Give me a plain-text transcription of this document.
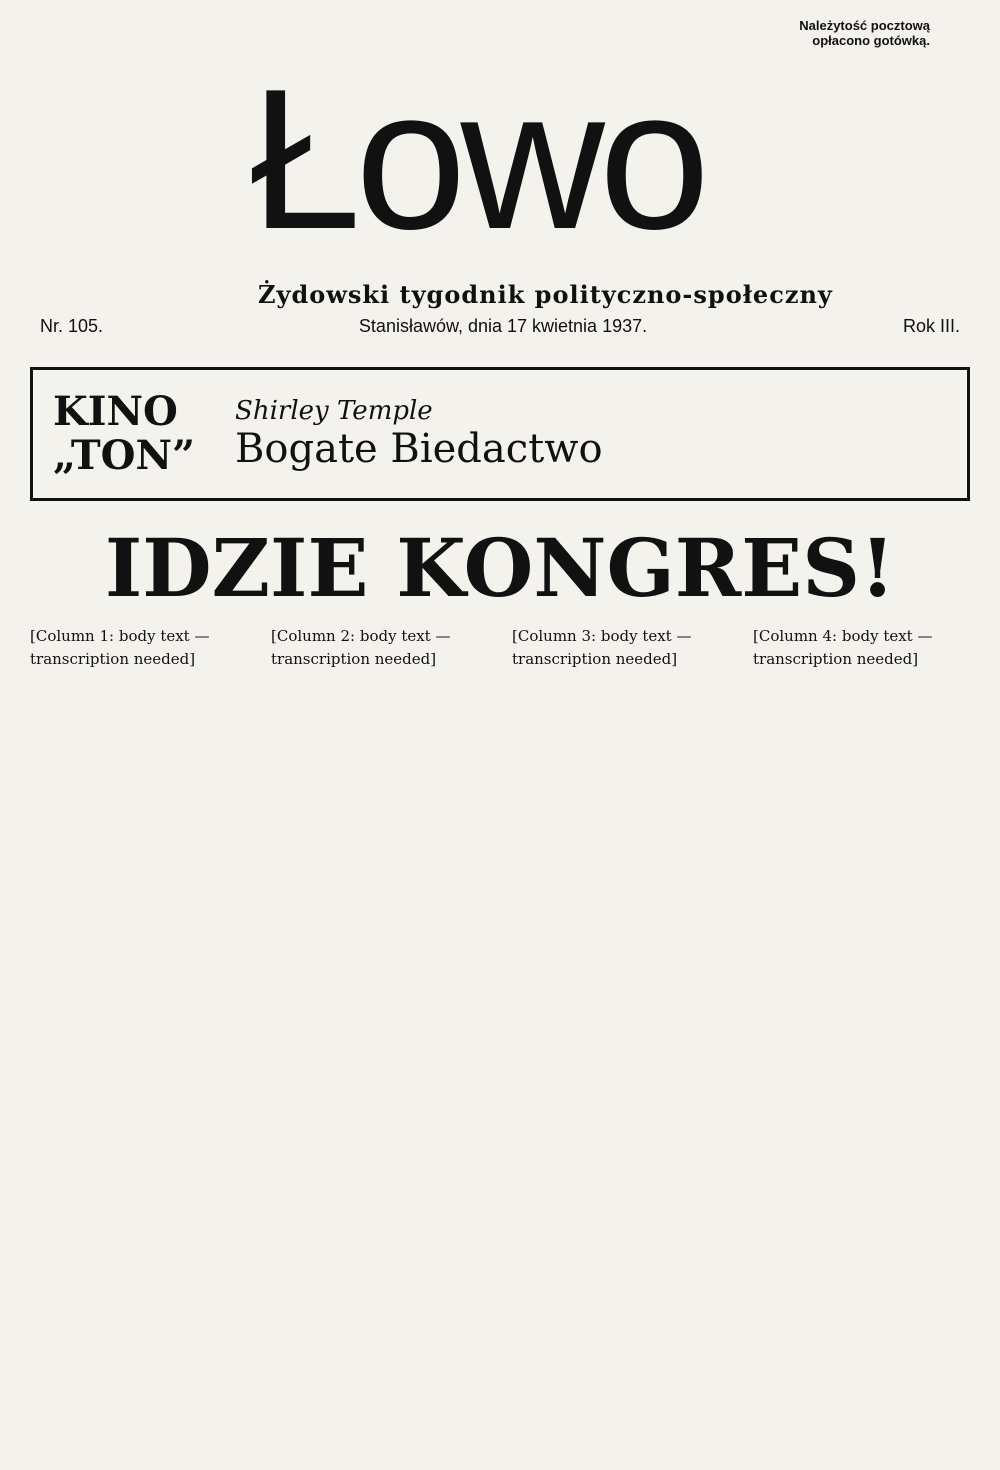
Należytość pocztową
opłacono gotówką.
Łowo
Żydowski tygodnik polityczno-społeczny
Nr. 105.	Stanisławów, dnia 17 kwietnia 1937.	Rok III.
KINO
„TON”
Shirley Temple
Bogate Biedactwo
IDZIE KONGRES!
[Column 1: body text — transcription needed]
[Column 2: body text — transcription needed]
[Column 3: body text — transcription needed]
[Column 4: body text — transcription needed]
